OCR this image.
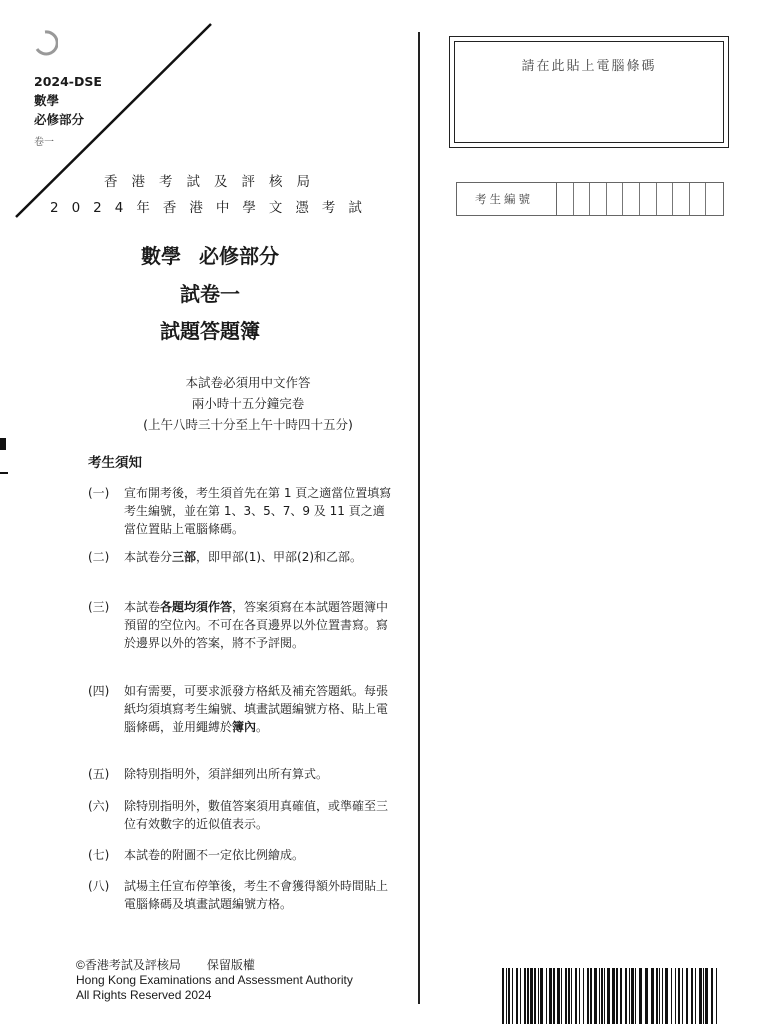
2024-DSE
數學
必修部分
卷一
香港考試及評核局
2024年香港中學文憑考試
數學 必修部分
試卷一
試題答題簿
本試卷必須用中文作答
兩小時十五分鐘完卷
(上午八時三十分至上午十時四十五分)
考生須知
(一)	宣布開考後，考生須首先在第 1 頁之適當位置填寫考生編號，並在第 1、3、5、7、9 及 11 頁之適當位置貼上電腦條碼。
(二)	本試卷分三部，即甲部(1)、甲部(2)和乙部。
(三)	本試卷各題均須作答，答案須寫在本試題答題簿中預留的空位內。不可在各頁邊界以外位置書寫。寫於邊界以外的答案，將不予評閱。
(四)	如有需要，可要求派發方格紙及補充答題紙。每張紙均須填寫考生編號、填畫試題編號方格、貼上電腦條碼，並用繩縛於簿內。
(五)	除特別指明外，須詳細列出所有算式。
(六)	除特別指明外，數值答案須用真確值，或準確至三位有效數字的近似值表示。
(七)	本試卷的附圖不一定依比例繪成。
(八)	試場主任宣布停筆後，考生不會獲得額外時間貼上電腦條碼及填畫試題編號方格。
©香港考試及評核局 保留版權
Hong Kong Examinations and Assessment Authority
All Rights Reserved 2024
請在此貼上電腦條碼
考生編號
